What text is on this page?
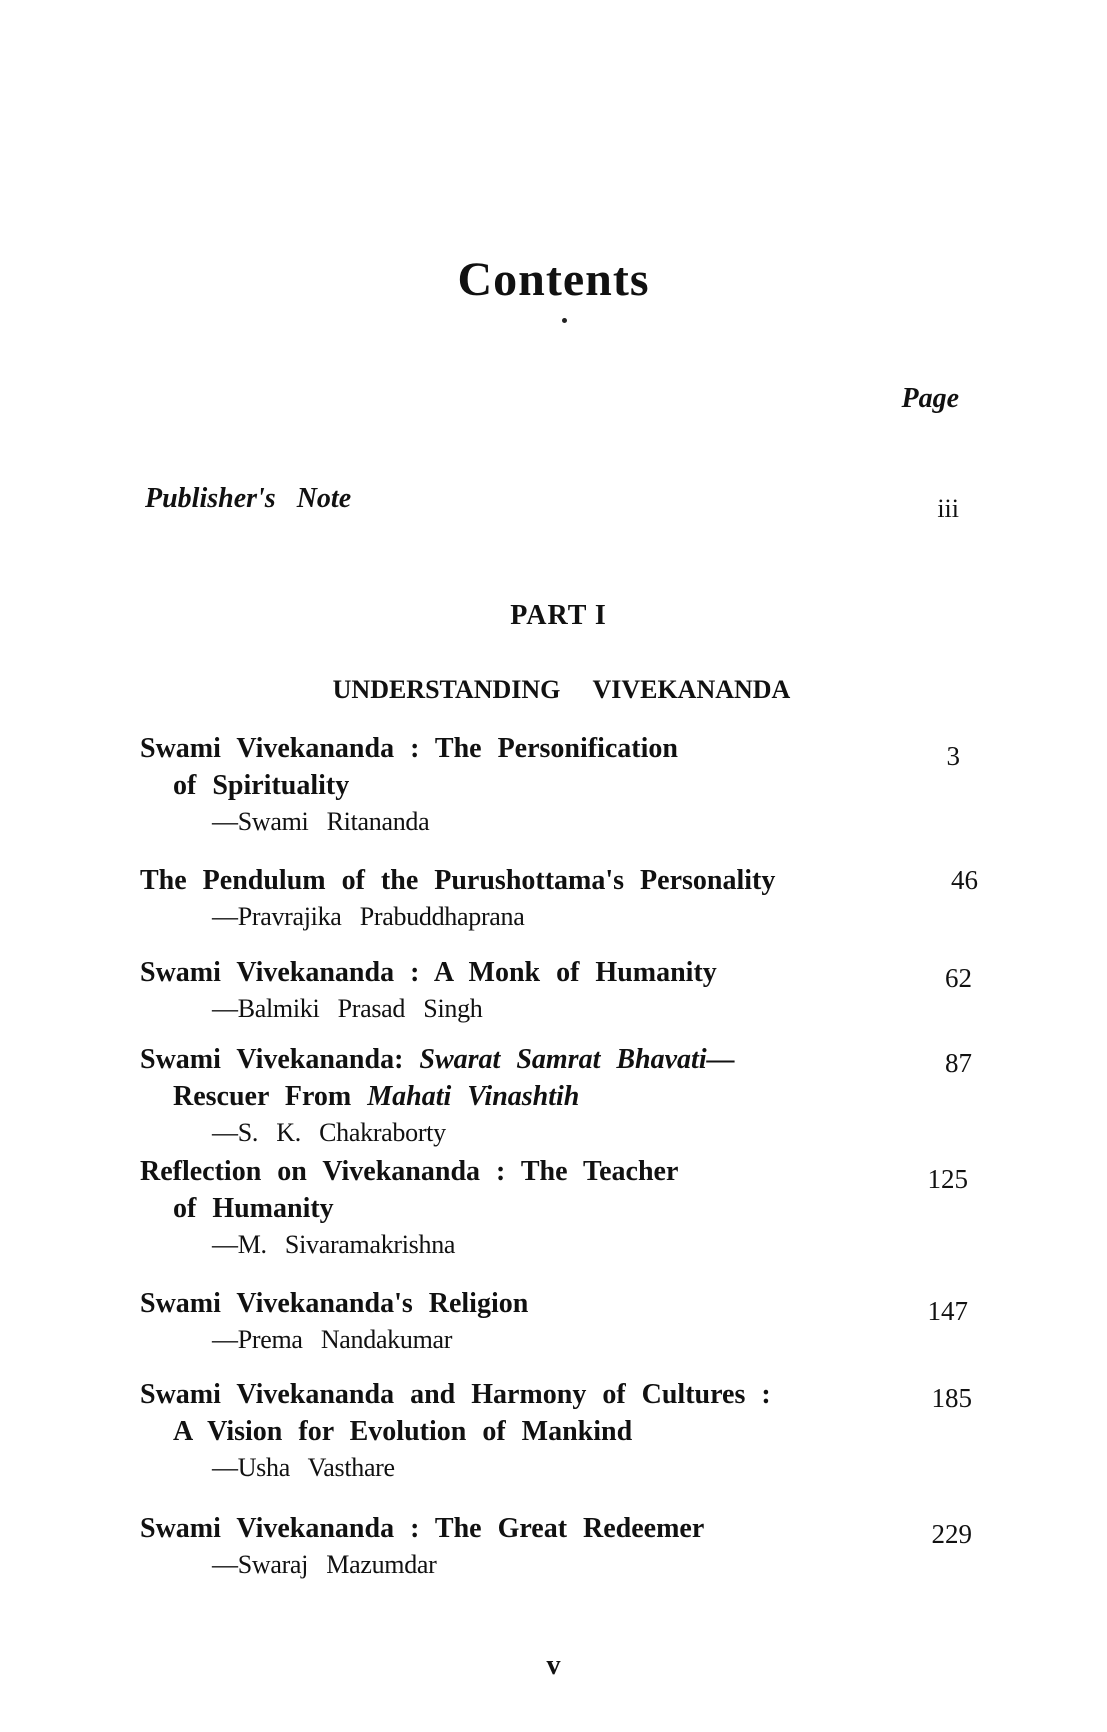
Contents
Page
Publisher's Note	iii
PART I
UNDERSTANDING VIVEKANANDA
Swami Vivekananda : The Personification
of Spirituality
—Swami Ritananda
3
The Pendulum of the Purushottama's Personality
—Pravrajika Prabuddhaprana
46
Swami Vivekananda : A Monk of Humanity
—Balmiki Prasad Singh
62
Swami Vivekananda: Swarat Samrat Bhavati—
Rescuer From Mahati Vinashtih
—S. K. Chakraborty
87
Reflection on Vivekananda : The Teacher
of Humanity
—M. Sivaramakrishna
125
Swami Vivekananda's Religion
—Prema Nandakumar
147
Swami Vivekananda and Harmony of Cultures :
A Vision for Evolution of Mankind
—Usha Vasthare
185
Swami Vivekananda : The Great Redeemer
—Swaraj Mazumdar
229
v
